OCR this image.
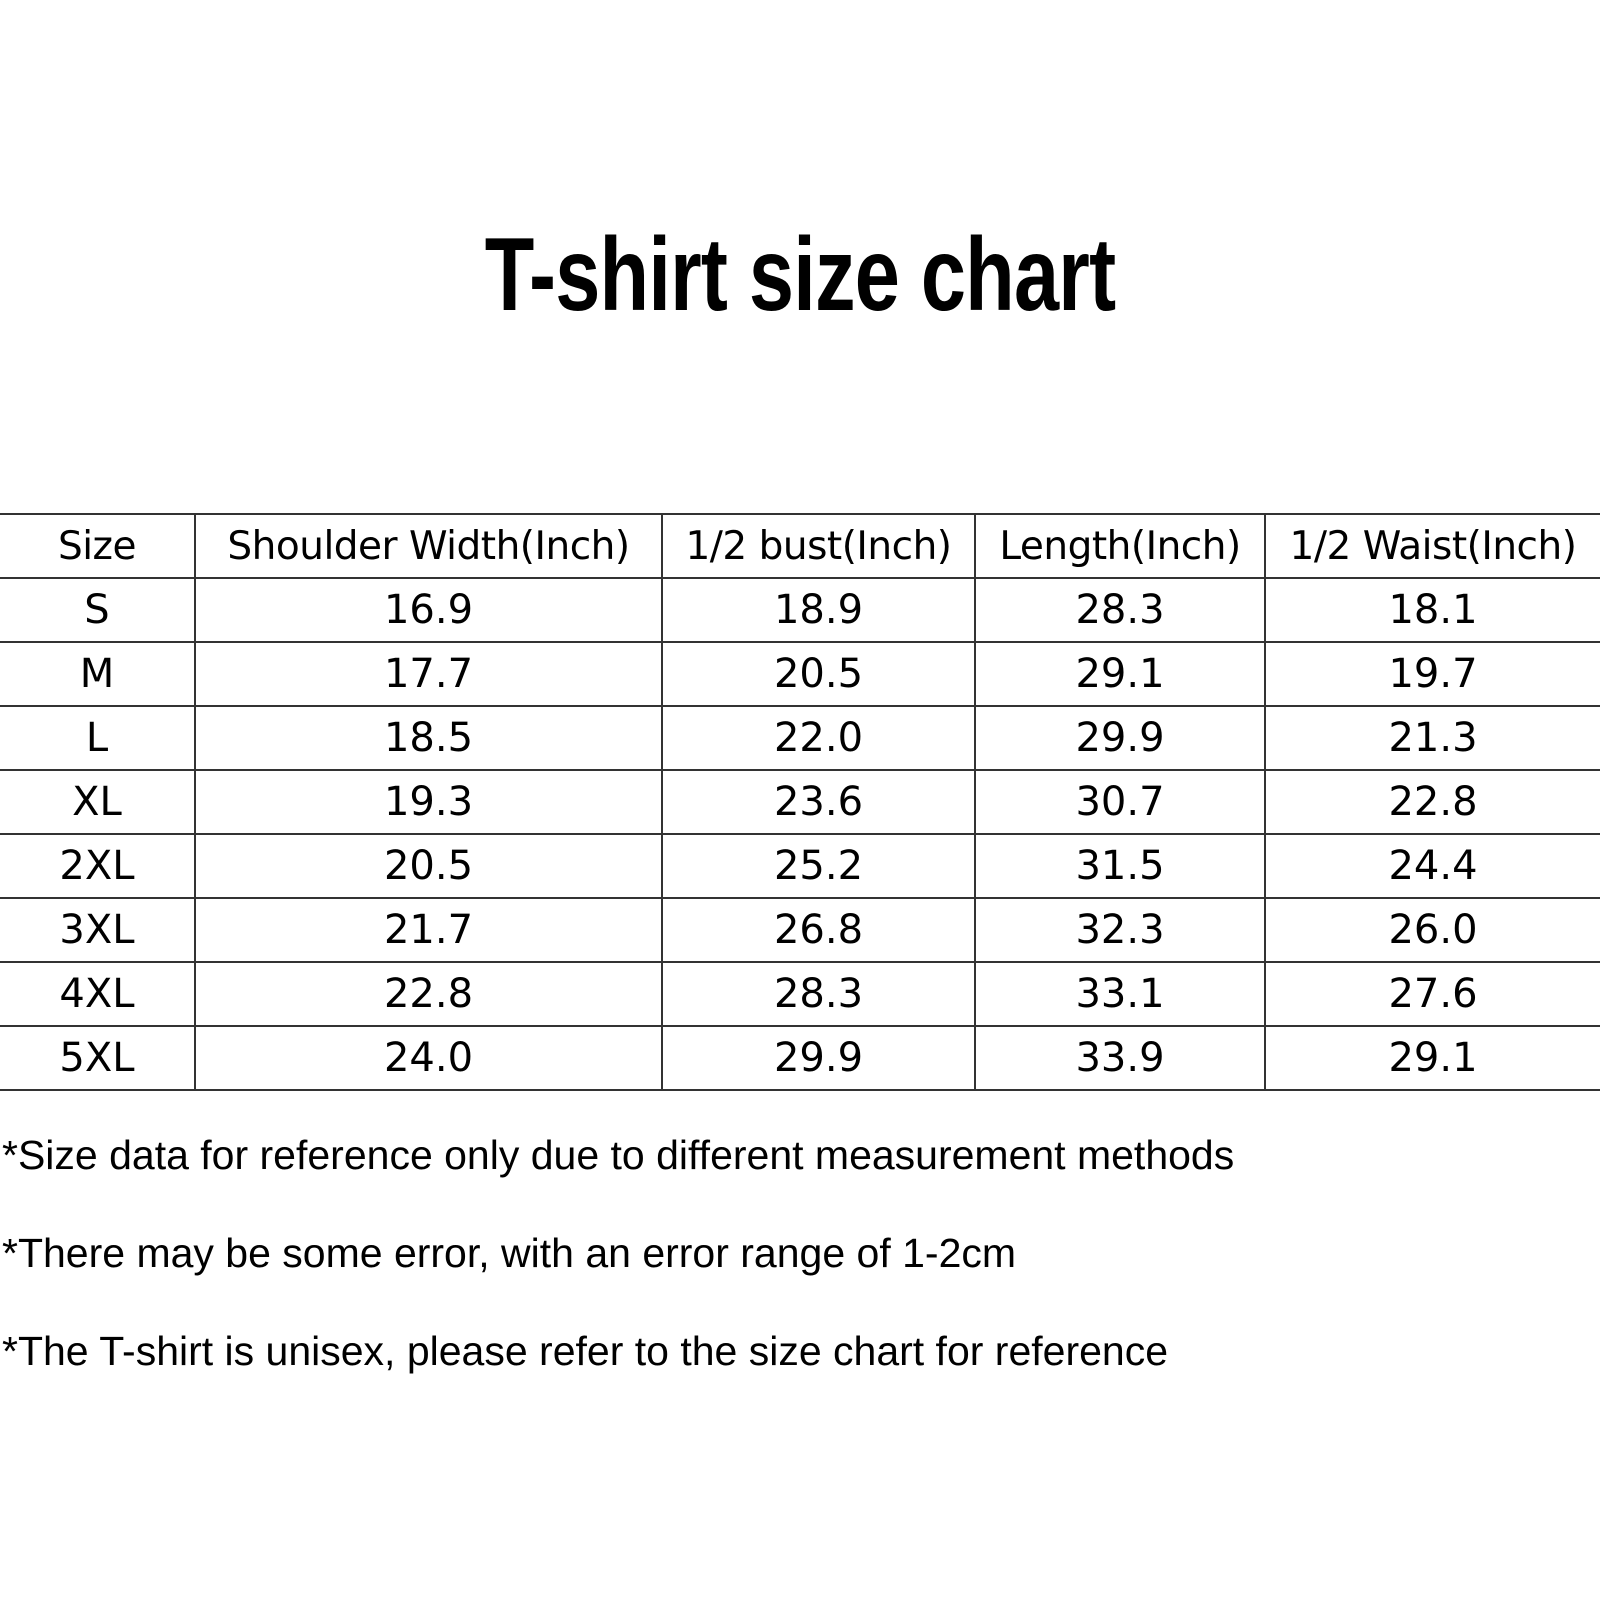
T-shirt size chart
Size	Shoulder Width(Inch)	1/2 bust(Inch)	Length(Inch)	1/2 Waist(Inch)
S	16.9	18.9	28.3	18.1
M	17.7	20.5	29.1	19.7
L	18.5	22.0	29.9	21.3
XL	19.3	23.6	30.7	22.8
2XL	20.5	25.2	31.5	24.4
3XL	21.7	26.8	32.3	26.0
4XL	22.8	28.3	33.1	27.6
5XL	24.0	29.9	33.9	29.1

*Size data for reference only due to different measurement methods

*There may be some error, with an error range of 1-2cm

*The T-shirt is unisex, please refer to the size chart for reference
